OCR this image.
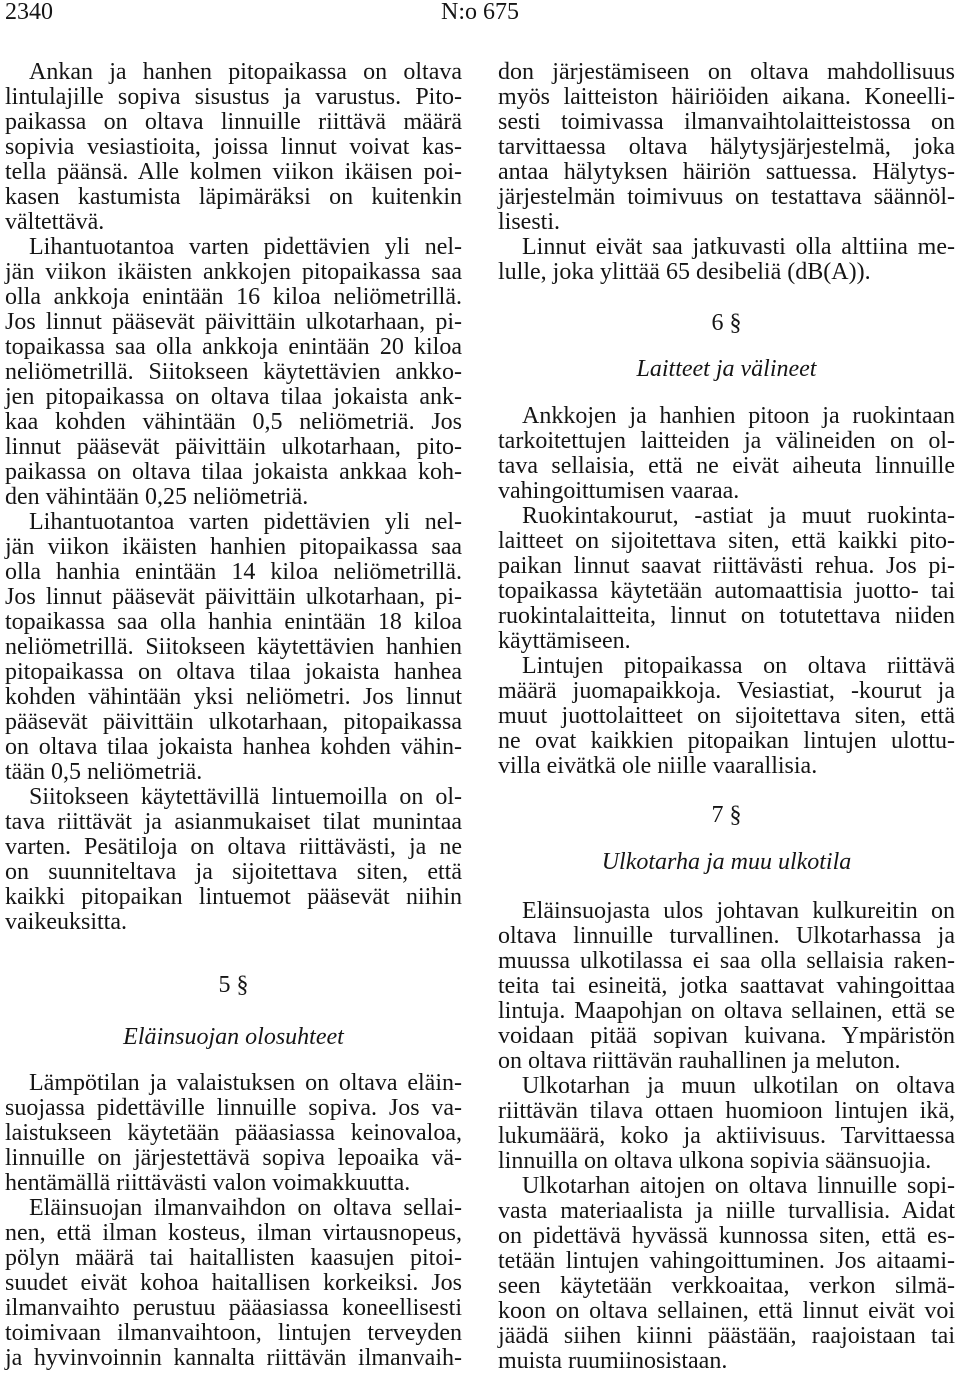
2340	N:o 675
Ankan ja hanhen pitopaikassa on oltava
lintulajille sopiva sisustus ja varustus. Pito-
paikassa on oltava linnuille riittävä määrä
sopivia vesiastioita, joissa linnut voivat kas-
tella päänsä. Alle kolmen viikon ikäisen poi-
kasen kastumista läpimäräksi on kuitenkin
vältettävä.
Lihantuotantoa varten pidettävien yli nel-
jän viikon ikäisten ankkojen pitopaikassa saa
olla ankkoja enintään 16 kiloa neliömetrillä.
Jos linnut pääsevät päivittäin ulkotarhaan, pi-
topaikassa saa olla ankkoja enintään 20 kiloa
neliömetrillä. Siitokseen käytettävien ankko-
jen pitopaikassa on oltava tilaa jokaista ank-
kaa kohden vähintään 0,5 neliömetriä. Jos
linnut pääsevät päivittäin ulkotarhaan, pito-
paikassa on oltava tilaa jokaista ankkaa koh-
den vähintään 0,25 neliömetriä.
Lihantuotantoa varten pidettävien yli nel-
jän viikon ikäisten hanhien pitopaikassa saa
olla hanhia enintään 14 kiloa neliömetrillä.
Jos linnut pääsevät päivittäin ulkotarhaan, pi-
topaikassa saa olla hanhia enintään 18 kiloa
neliömetrillä. Siitokseen käytettävien hanhien
pitopaikassa on oltava tilaa jokaista hanhea
kohden vähintään yksi neliömetri. Jos linnut
pääsevät päivittäin ulkotarhaan, pitopaikassa
on oltava tilaa jokaista hanhea kohden vähin-
tään 0,5 neliömetriä.
Siitokseen käytettävillä lintuemoilla on ol-
tava riittävät ja asianmukaiset tilat munintaa
varten. Pesätiloja on oltava riittävästi, ja ne
on suunniteltava ja sijoitettava siten, että
kaikki pitopaikan lintuemot pääsevät niihin
vaikeuksitta.
5 §
Eläinsuojan olosuhteet
Lämpötilan ja valaistuksen on oltava eläin-
suojassa pidettäville linnuille sopiva. Jos va-
laistukseen käytetään pääasiassa keinovaloa,
linnuille on järjestettävä sopiva lepoaika vä-
hentämällä riittävästi valon voimakkuutta.
Eläinsuojan ilmanvaihdon on oltava sellai-
nen, että ilman kosteus, ilman virtausnopeus,
pölyn määrä tai haitallisten kaasujen pitoi-
suudet eivät kohoa haitallisen korkeiksi. Jos
ilmanvaihto perustuu pääasiassa koneellisesti
toimivaan ilmanvaihtoon, lintujen terveyden
ja hyvinvoinnin kannalta riittävän ilmanvaih-
don järjestämiseen on oltava mahdollisuus
myös laitteiston häiriöiden aikana. Koneelli-
sesti toimivassa ilmanvaihtolaitteistossa on
tarvittaessa oltava hälytysjärjestelmä, joka
antaa hälytyksen häiriön sattuessa. Hälytys-
järjestelmän toimivuus on testattava säännöl-
lisesti.
Linnut eivät saa jatkuvasti olla alttiina me-
lulle, joka ylittää 65 desibeliä (dB(A)).
6 §
Laitteet ja välineet
Ankkojen ja hanhien pitoon ja ruokintaan
tarkoitettujen laitteiden ja välineiden on ol-
tava sellaisia, että ne eivät aiheuta linnuille
vahingoittumisen vaaraa.
Ruokintakourut, -astiat ja muut ruokinta-
laitteet on sijoitettava siten, että kaikki pito-
paikan linnut saavat riittävästi rehua. Jos pi-
topaikassa käytetään automaattisia juotto- tai
ruokintalaitteita, linnut on totutettava niiden
käyttämiseen.
Lintujen pitopaikassa on oltava riittävä
määrä juomapaikkoja. Vesiastiat, -kourut ja
muut juottolaitteet on sijoitettava siten, että
ne ovat kaikkien pitopaikan lintujen ulottu-
villa eivätkä ole niille vaarallisia.
7 §
Ulkotarha ja muu ulkotila
Eläinsuojasta ulos johtavan kulkureitin on
oltava linnuille turvallinen. Ulkotarhassa ja
muussa ulkotilassa ei saa olla sellaisia raken-
teita tai esineitä, jotka saattavat vahingoittaa
lintuja. Maapohjan on oltava sellainen, että se
voidaan pitää sopivan kuivana. Ympäristön
on oltava riittävän rauhallinen ja meluton.
Ulkotarhan ja muun ulkotilan on oltava
riittävän tilava ottaen huomioon lintujen ikä,
lukumäärä, koko ja aktiivisuus. Tarvittaessa
linnuilla on oltava ulkona sopivia säänsuojia.
Ulkotarhan aitojen on oltava linnuille sopi-
vasta materiaalista ja niille turvallisia. Aidat
on pidettävä hyvässä kunnossa siten, että es-
tetään lintujen vahingoittuminen. Jos aitaami-
seen käytetään verkkoaitaa, verkon silmä-
koon on oltava sellainen, että linnut eivät voi
jäädä siihen kiinni päästään, raajoistaan tai
muista ruumiinosistaan.
